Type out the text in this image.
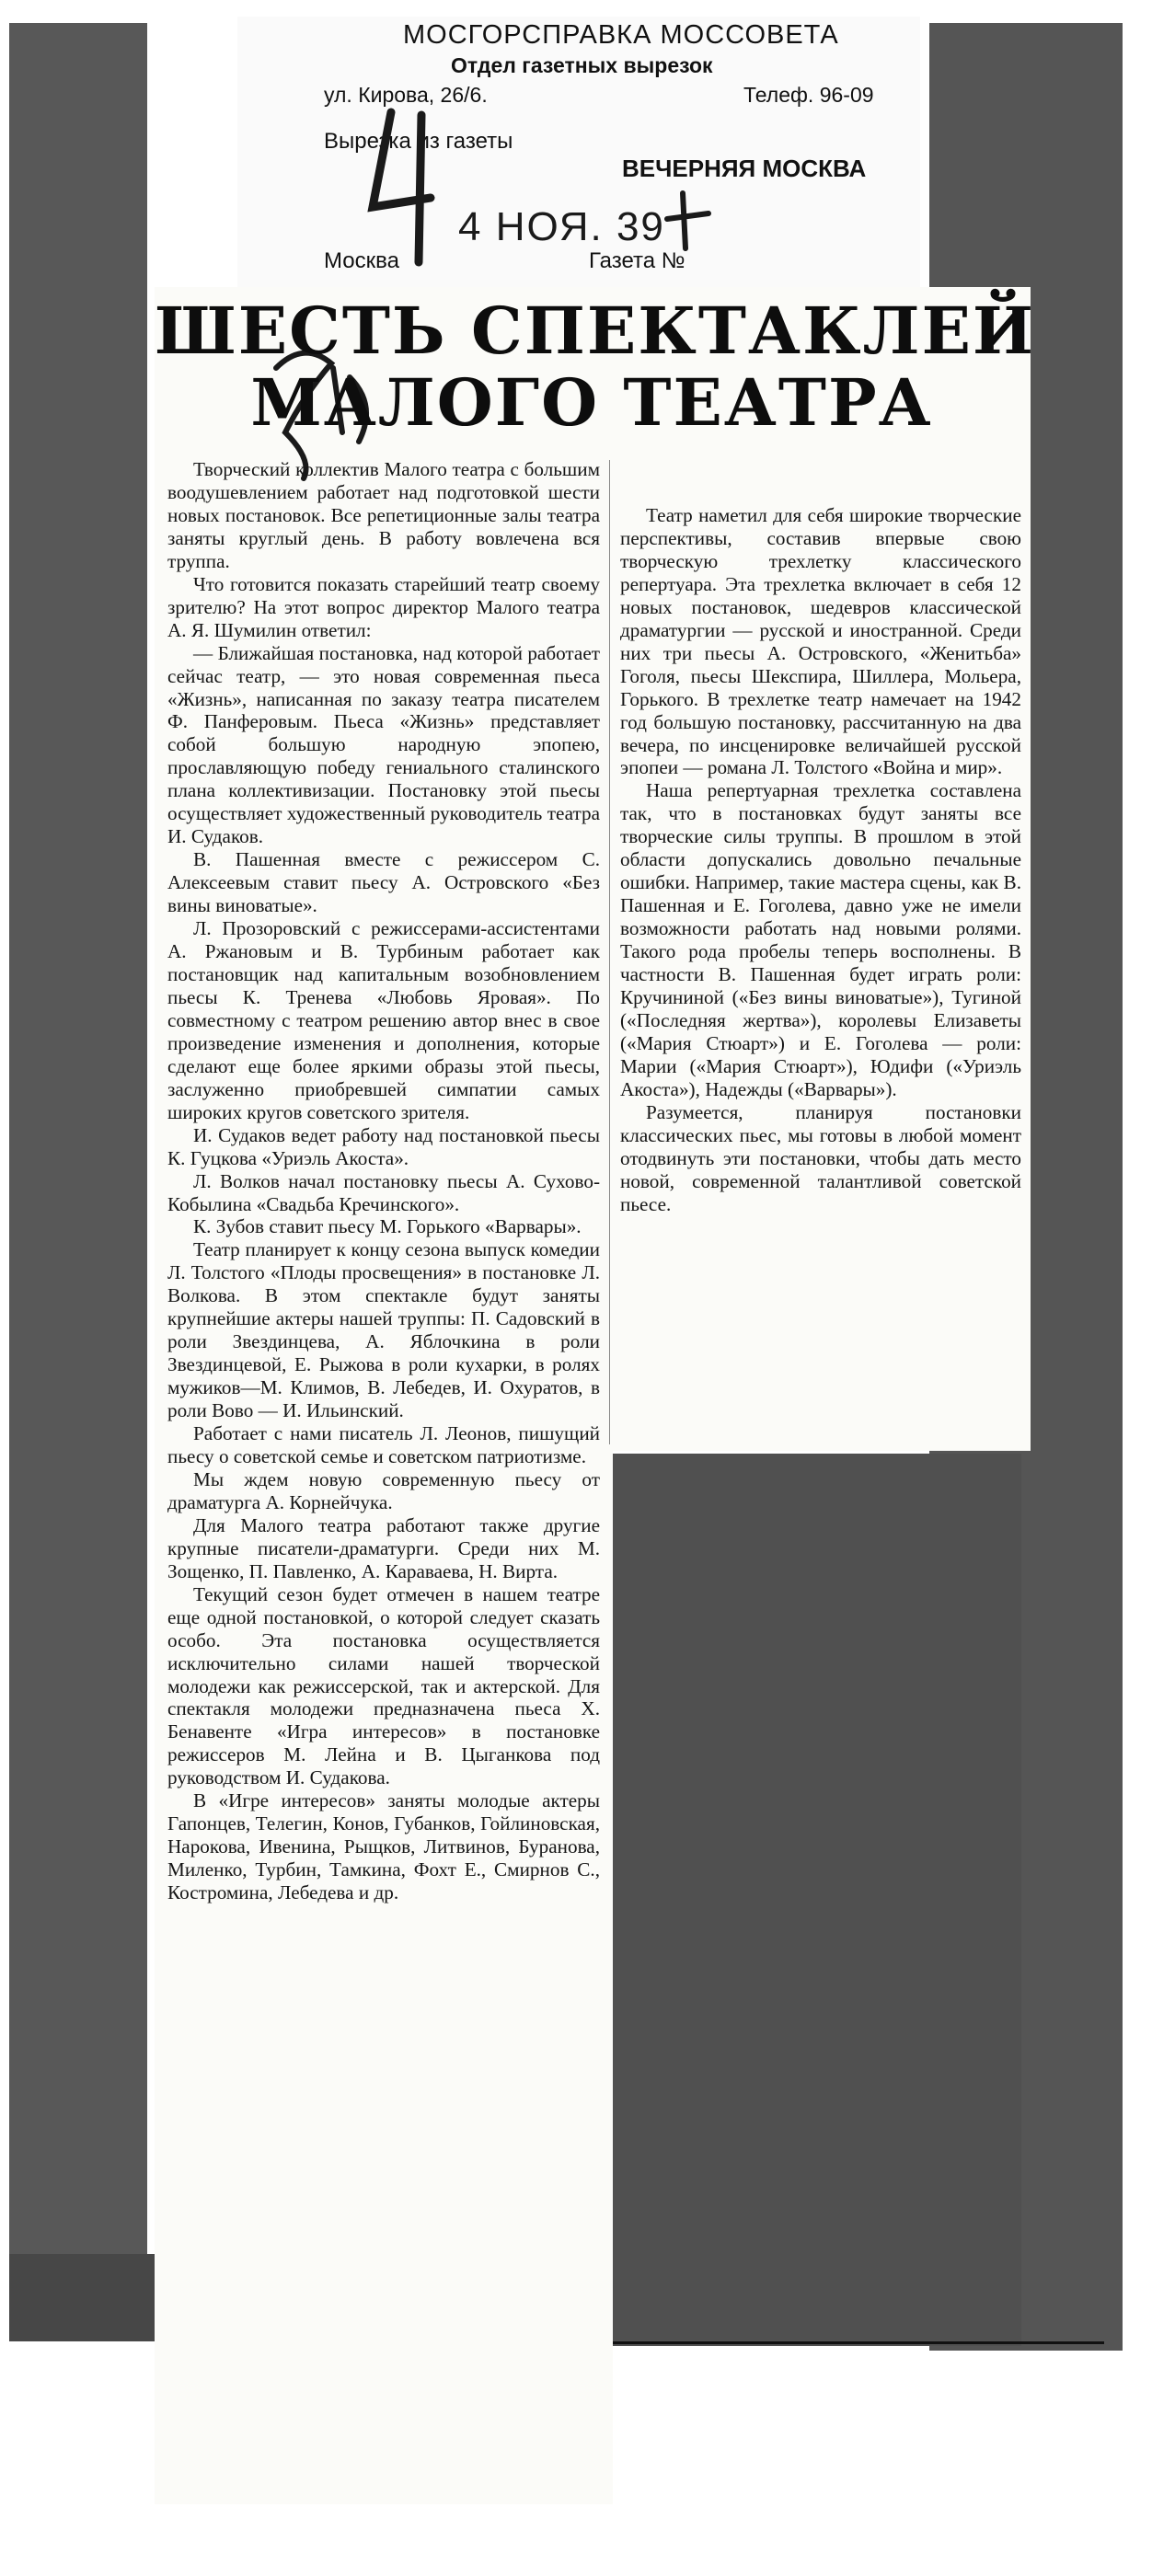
МОСГОРСПРАВКА МОССОВЕТА
Отдел газетных вырезок
ул. Кирова, 26/6.	Телеф. 96-09
Вырезка из газеты
ВЕЧЕРНЯЯ МОСКВА
Москва	Газета №
4 НОЯ. 39
ШЕСТЬ СПЕКТАКЛЕЙ
МАЛОГО ТЕАТРА

Творческий коллектив Малого театра с большим воодушевлением работает над подготовкой шести новых постановок. Все репетиционные залы театра заняты круглый день. В работу вовлечена вся труппа.

Что готовится показать старейший театр своему зрителю? На этот вопрос директор Малого театра А. Я. Шумилин ответил:

— Ближайшая постановка, над которой работает сейчас театр, — это новая современная пьеса «Жизнь», написанная по заказу театра писателем Ф. Панферовым. Пьеса «Жизнь» представляет собой большую народную эпопею, прославляющую победу гениального сталинского плана коллективизации. Постановку этой пьесы осуществляет художественный руководитель театра И. Судаков.

В. Пашенная вместе с режиссером С. Алексеевым ставит пьесу А. Островского «Без вины виноватые».

Л. Прозоровский с режиссерами-ассистентами А. Ржановым и В. Турбиным работает как постановщик над капитальным возобновлением пьесы К. Тренева «Любовь Яровая». По совместному с театром решению автор внес в свое произведение изменения и дополнения, которые сделают еще более яркими образы этой пьесы, заслуженно приобревшей симпатии самых широких кругов советского зрителя.

И. Судаков ведет работу над постановкой пьесы К. Гуцкова «Уриэль Акоста».

Л. Волков начал постановку пьесы А. Сухово-Кобылина «Свадьба Кречинского».

К. Зубов ставит пьесу М. Горького «Варвары».

Театр планирует к концу сезона выпуск комедии Л. Толстого «Плоды просвещения» в постановке Л. Волкова. В этом спектакле будут заняты крупнейшие актеры нашей труппы: П. Садовский в роли Звездинцева, А. Яблочкина в роли Звездинцевой, Е. Рыжова в роли кухарки, в ролях мужиков—М. Климов, В. Лебедев, И. Охуратов, в роли Вово — И. Ильинский.

Работает с нами писатель Л. Леонов, пишущий пьесу о советской семье и советском патриотизме.

Мы ждем новую современную пьесу от драматурга А. Корнейчука.

Для Малого театра работают также другие крупные писатели-драматурги. Среди них М. Зощенко, П. Павленко, А. Караваева, Н. Вирта.

Текущий сезон будет отмечен в нашем театре еще одной постановкой, о которой следует сказать особо. Эта постановка осуществляется исключительно силами нашей творческой молодежи как режиссерской, так и актерской. Для спектакля молодежи предназначена пьеса Х. Бенавенте «Игра интересов» в постановке режиссеров М. Лейна и В. Цыганкова под руководством И. Судакова.

В «Игре интересов» заняты молодые актеры Гапонцев, Телегин, Конов, Губанков, Гойлиновская, Нарокова, Ивенина, Рыщков, Литвинов, Буранова, Миленко, Турбин, Тамкина, Фохт Е., Смирнов С., Костромина, Лебедева и др.

Театр наметил для себя широкие творческие перспективы, составив впервые свою творческую трехлетку классического репертуара. Эта трехлетка включает в себя 12 новых постановок, шедевров классической драматургии — русской и иностранной. Среди них три пьесы А. Островского, «Женитьба» Гоголя, пьесы Шекспира, Шиллера, Мольера, Горького. В трехлетке театр намечает на 1942 год большую постановку, рассчитанную на два вечера, по инсценировке величайшей русской эпопеи — романа Л. Толстого «Война и мир».

Наша репертуарная трехлетка составлена так, что в постановках будут заняты все творческие силы труппы. В прошлом в этой области допускались довольно печальные ошибки. Например, такие мастера сцены, как В. Пашенная и Е. Гоголева, давно уже не имели возможности работать над новыми ролями. Такого рода пробелы теперь восполнены. В частности В. Пашенная будет играть роли: Кручининой («Без вины виноватые»), Тугиной («Последняя жертва»), королевы Елизаветы («Мария Стюарт») и Е. Гоголева — роли: Марии («Мария Стюарт»), Юдифи («Уриэль Акоста»), Надежды («Варвары»).

Разумеется, планируя постановки классических пьес, мы готовы в любой момент отодвинуть эти постановки, чтобы дать место новой, современной талантливой советской пьесе.
